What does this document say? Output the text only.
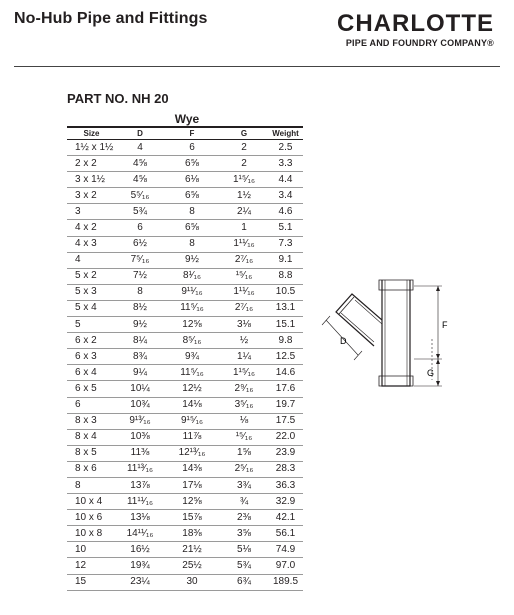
No-Hub Pipe and Fittings	CHARLOTTE
PIPE AND FOUNDRY COMPANY®
PART NO. NH 20
Wye
Size	D	F	G	Weight
1½ x 1½	4	6	2	2.5
2 x 2	4⅝	6⅝	2	3.3
3 x 1½	4⅝	6⅛	1¹⁵⁄₁₆	4.4
3 x 2	5⁵⁄₁₆	6⅝	1½	3.4
3	5¾	8	2¼	4.6
4 x 2	6	6⅝	1	5.1
4 x 3	6½	8	1¹¹⁄₁₆	7.3
4	7⁵⁄₁₆	9½	2⁷⁄₁₆	9.1
5 x 2	7½	8¹⁄₁₆	¹⁵⁄₁₆	8.8
5 x 3	8	9¹¹⁄₁₆	1¹¹⁄₁₆	10.5
5 x 4	8½	11⁵⁄₁₆	2⁷⁄₁₆	13.1
5	9½	12⅝	3⅛	15.1
6 x 2	8¼	8⁵⁄₁₆	½	9.8
6 x 3	8¾	9¾	1¼	12.5
6 x 4	9¼	11⁵⁄₁₆	1¹⁵⁄₁₆	14.6
6 x 5	10¼	12½	2⁹⁄₁₆	17.6
6	10¾	14⅛	3⁵⁄₁₆	19.7
8 x 3	9¹³⁄₁₆	9¹⁵⁄₁₆	⅛	17.5
8 x 4	10⅜	11⅞	¹⁵⁄₁₆	22.0
8 x 5	11⅜	12¹³⁄₁₆	1⅝	23.9
8 x 6	11¹³⁄₁₆	14⅜	2⁵⁄₁₆	28.3
8	13⅞	17⅛	3¾	36.3
10 x 4	11¹¹⁄₁₆	12⅝	¾	32.9
10 x 6	13⅛	15⅞	2⅜	42.1
10 x 8	14¹¹⁄₁₆	18⅜	3⅝	56.1
10	16½	21½	5⅛	74.9
12	19¾	25½	5¾	97.0
15	23¼	30	6¾	189.5
F
G
D
